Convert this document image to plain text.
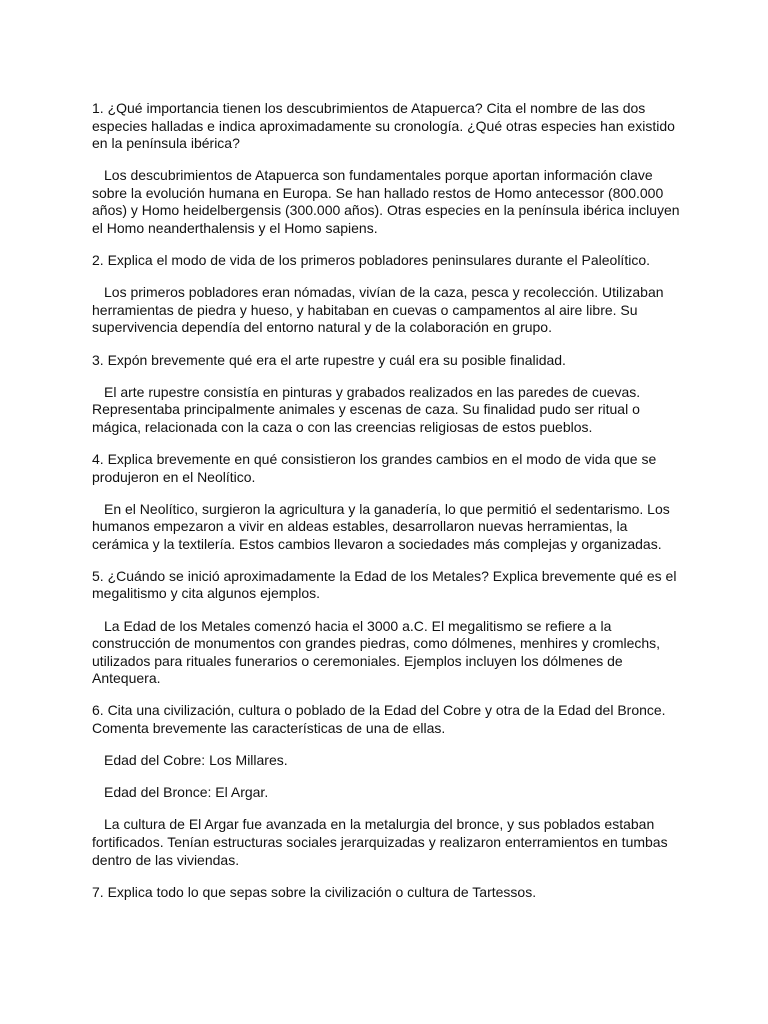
1. ¿Qué importancia tienen los descubrimientos de Atapuerca? Cita el nombre de las dos especies halladas e indica aproximadamente su cronología. ¿Qué otras especies han existido en la península ibérica?

Los descubrimientos de Atapuerca son fundamentales porque aportan información clave sobre la evolución humana en Europa. Se han hallado restos de Homo antecessor (800.000 años) y Homo heidelbergensis (300.000 años). Otras especies en la península ibérica incluyen el Homo neanderthalensis y el Homo sapiens.

2. Explica el modo de vida de los primeros pobladores peninsulares durante el Paleolítico.

Los primeros pobladores eran nómadas, vivían de la caza, pesca y recolección. Utilizaban herramientas de piedra y hueso, y habitaban en cuevas o campamentos al aire libre. Su supervivencia dependía del entorno natural y de la colaboración en grupo.

3. Expón brevemente qué era el arte rupestre y cuál era su posible finalidad.

El arte rupestre consistía en pinturas y grabados realizados en las paredes de cuevas. Representaba principalmente animales y escenas de caza. Su finalidad pudo ser ritual o mágica, relacionada con la caza o con las creencias religiosas de estos pueblos.

4. Explica brevemente en qué consistieron los grandes cambios en el modo de vida que se produjeron en el Neolítico.

En el Neolítico, surgieron la agricultura y la ganadería, lo que permitió el sedentarismo. Los humanos empezaron a vivir en aldeas estables, desarrollaron nuevas herramientas, la cerámica y la textilería. Estos cambios llevaron a sociedades más complejas y organizadas.

5. ¿Cuándo se inició aproximadamente la Edad de los Metales? Explica brevemente qué es el megalitismo y cita algunos ejemplos.

La Edad de los Metales comenzó hacia el 3000 a.C. El megalitismo se refiere a la construcción de monumentos con grandes piedras, como dólmenes, menhires y cromlechs, utilizados para rituales funerarios o ceremoniales. Ejemplos incluyen los dólmenes de Antequera.

6. Cita una civilización, cultura o poblado de la Edad del Cobre y otra de la Edad del Bronce. Comenta brevemente las características de una de ellas.

Edad del Cobre: Los Millares.

Edad del Bronce: El Argar.

La cultura de El Argar fue avanzada en la metalurgia del bronce, y sus poblados estaban fortificados. Tenían estructuras sociales jerarquizadas y realizaron enterramientos en tumbas dentro de las viviendas.

7. Explica todo lo que sepas sobre la civilización o cultura de Tartessos.
